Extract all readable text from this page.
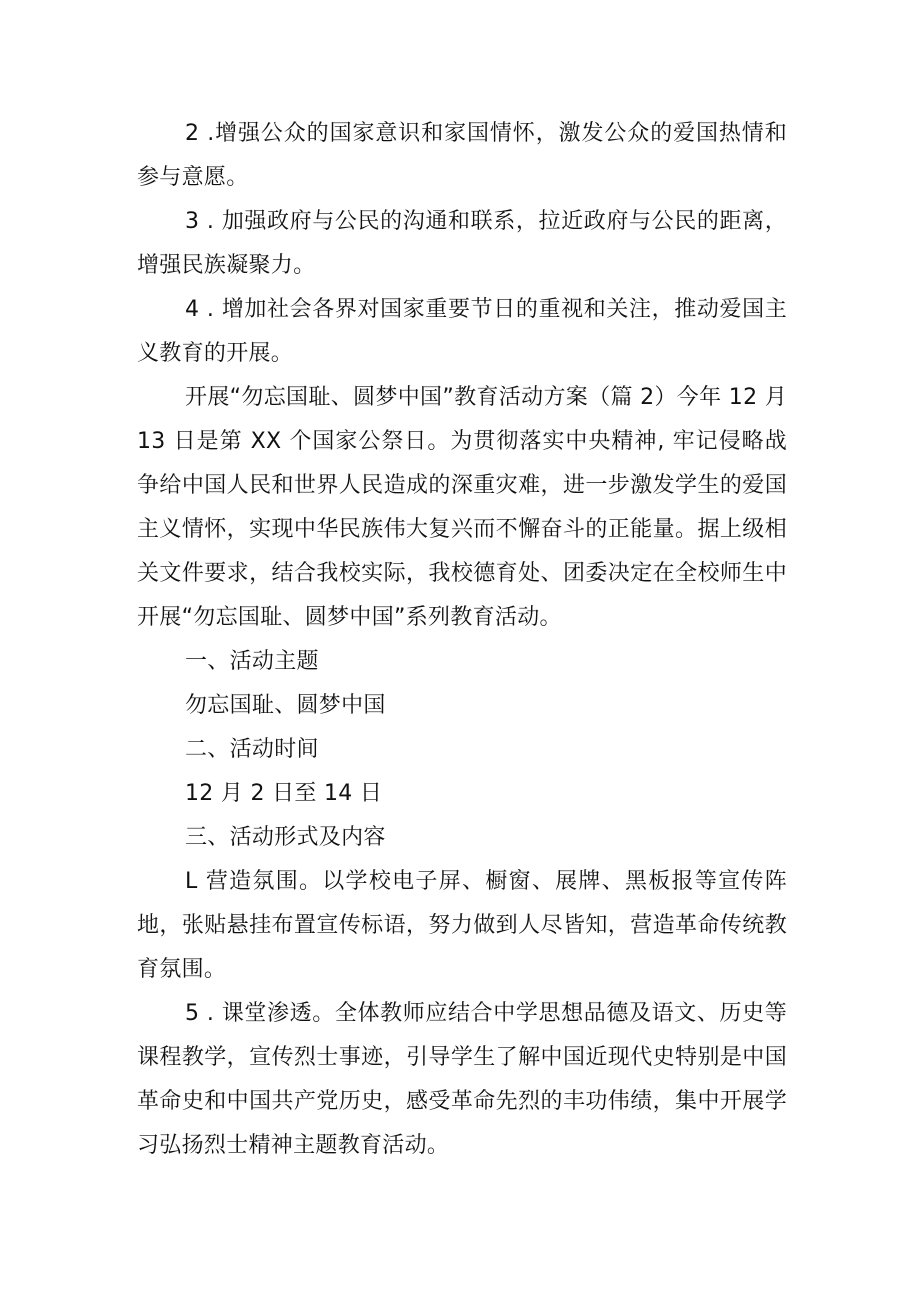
2 .增强公众的国家意识和家国情怀，激发公众的爱国热情和参与意愿。

3 . 加强政府与公民的沟通和联系，拉近政府与公民的距离，增强民族凝聚力。

4 . 增加社会各界对国家重要节日的重视和关注，推动爱国主义教育的开展。

开展“勿忘国耻、圆梦中国”教育活动方案（篇 2）今年 12 月 13 日是第 XX 个国家公祭日。为贯彻落实中央精神, 牢记侵略战争给中国人民和世界人民造成的深重灾难，进一步激发学生的爱国主义情怀，实现中华民族伟大复兴而不懈奋斗的正能量。据上级相关文件要求，结合我校实际，我校德育处、团委决定在全校师生中开展“勿忘国耻、圆梦中国”系列教育活动。

一、活动主题

勿忘国耻、圆梦中国

二、活动时间

12 月 2 日至 14 日

三、活动形式及内容

L 营造氛围。以学校电子屏、橱窗、展牌、黑板报等宣传阵地，张贴悬挂布置宣传标语，努力做到人尽皆知，营造革命传统教育氛围。

5 . 课堂渗透。全体教师应结合中学思想品德及语文、历史等课程教学，宣传烈士事迹，引导学生了解中国近现代史特别是中国革命史和中国共产党历史，感受革命先烈的丰功伟绩，集中开展学习弘扬烈士精神主题教育活动。
